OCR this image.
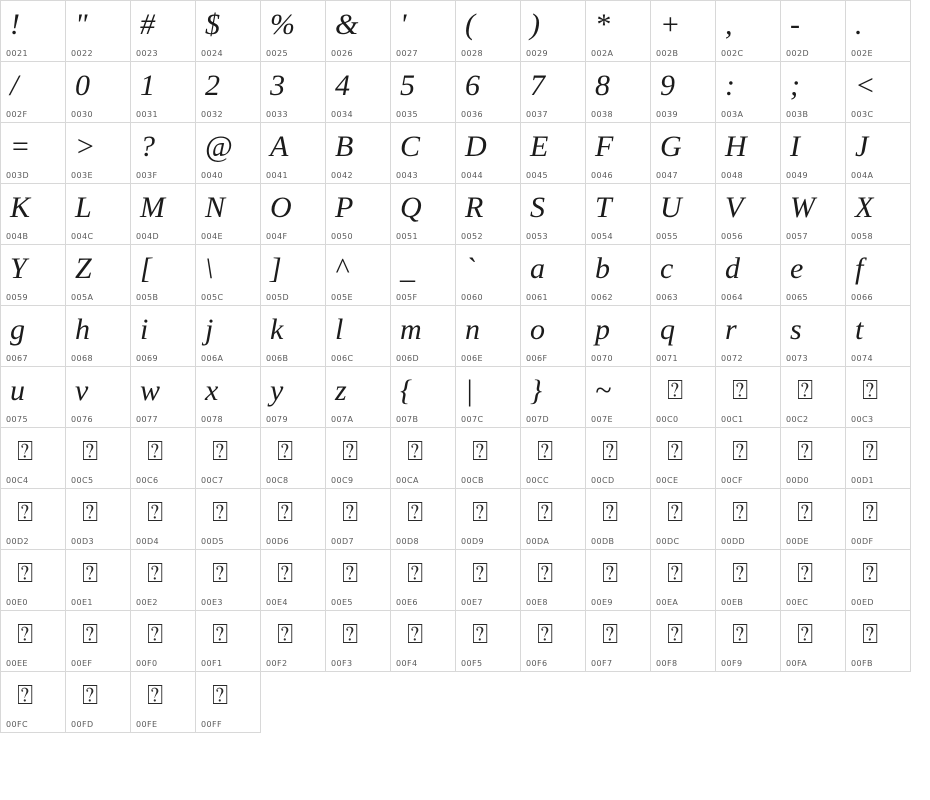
!
0021
"
0022
#
0023
$
0024
%
0025
&
0026
'
0027
(
0028
)
0029
*
002A
+
002B
,
002C
-
002D
.
002E
/
002F
0
0030
1
0031
2
0032
3
0033
4
0034
5
0035
6
0036
7
0037
8
0038
9
0039
:
003A
;
003B
<
003C
=
003D
>
003E
?
003F
@
0040
A
0041
B
0042
C
0043
D
0044
E
0045
F
0046
G
0047
H
0048
I
0049
J
004A
K
004B
L
004C
M
004D
N
004E
O
004F
P
0050
Q
0051
R
0052
S
0053
T
0054
U
0055
V
0056
W
0057
X
0058
Y
0059
Z
005A
[
005B
\
005C
]
005D
^
005E
_
005F
`
0060
a
0061
b
0062
c
0063
d
0064
e
0065
f
0066
g
0067
h
0068
i
0069
j
006A
k
006B
l
006C
m
006D
n
006E
o
006F
p
0070
q
0071
r
0072
s
0073
t
0074
u
0075
v
0076
w
0077
x
0078
y
0079
z
007A
{
007B
|
007C
}
007D
~
007E
⍰
00C0
⍰
00C1
⍰
00C2
⍰
00C3
⍰
00C4
⍰
00C5
⍰
00C6
⍰
00C7
⍰
00C8
⍰
00C9
⍰
00CA
⍰
00CB
⍰
00CC
⍰
00CD
⍰
00CE
⍰
00CF
⍰
00D0
⍰
00D1
⍰
00D2
⍰
00D3
⍰
00D4
⍰
00D5
⍰
00D6
⍰
00D7
⍰
00D8
⍰
00D9
⍰
00DA
⍰
00DB
⍰
00DC
⍰
00DD
⍰
00DE
⍰
00DF
⍰
00E0
⍰
00E1
⍰
00E2
⍰
00E3
⍰
00E4
⍰
00E5
⍰
00E6
⍰
00E7
⍰
00E8
⍰
00E9
⍰
00EA
⍰
00EB
⍰
00EC
⍰
00ED
⍰
00EE
⍰
00EF
⍰
00F0
⍰
00F1
⍰
00F2
⍰
00F3
⍰
00F4
⍰
00F5
⍰
00F6
⍰
00F7
⍰
00F8
⍰
00F9
⍰
00FA
⍰
00FB
⍰
00FC
⍰
00FD
⍰
00FE
⍰
00FF
